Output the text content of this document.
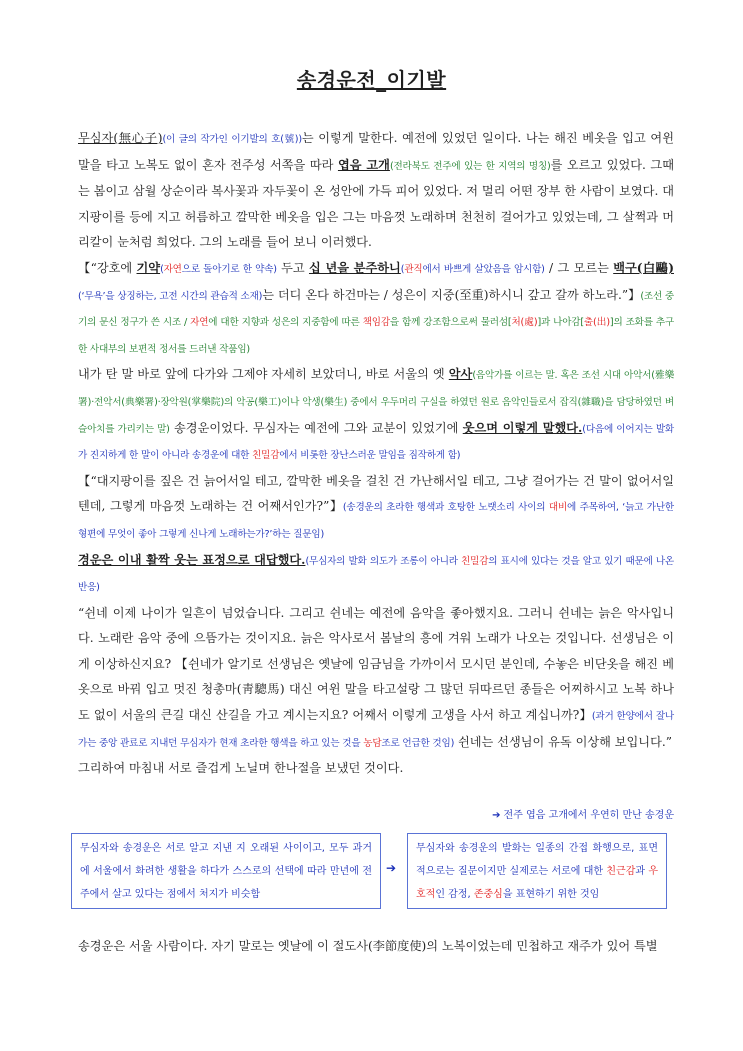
송경운전_이기발

무심자(無心子)(이 글의 작가인 이기발의 호(號))는 이렇게 말한다. 예전에 있었던 일이다. 나는 해진 베옷을 입고 여윈 말을 타고 노복도 없이 혼자 전주성 서쪽을 따라 엽음 고개(전라북도 전주에 있는 한 지역의 명칭)를 오르고 있었다. 그때는 봄이고 삼월 상순이라 복사꽃과 자두꽃이 온 성안에 가득 피어 있었다. 저 멀리 어떤 장부 한 사람이 보였다. 대지팡이를 등에 지고 허름하고 깔막한 베옷을 입은 그는 마음껏 노래하며 천천히 걸어가고 있었는데, 그 살쩍과 머리칼이 눈처럼 희었다. 그의 노래를 들어 보니 이러했다.

【“강호에 기약(자연으로 돌아기로 한 약속) 두고 십 년을 분주하니(관직에서 바쁘게 살았음을 암시함) / 그 모르는 백구(白鷗)(‘무욕’을 상징하는, 고전 시간의 관습적 소재)는 더디 온다 하건마는 / 성은이 지중(至重)하시니 갚고 갈까 하노라.”】(조선 중기의 문신 정구가 쓴 시조 / 자연에 대한 지향과 성은의 지중함에 따른 책임감을 함께 강조함으로써 물러섬[처(處)]과 나아감[출(出)]의 조화를 추구한 사대부의 보편적 정서를 드러낸 작품임)

내가 탄 말 바로 앞에 다가와 그제야 자세히 보았더니, 바로 서울의 옛 악사(음악가를 이르는 말. 혹은 조선 시대 아악서(雅樂署)·전악서(典樂署)·장악원(掌樂院)의 악공(樂工)이나 악생(樂生) 중에서 우두머리 구실을 하였던 원로 음악인들로서 잡직(雜職)을 담당하였던 벼슬아치를 가리키는 말) 송경운이었다. 무심자는 예전에 그와 교분이 있었기에 웃으며 이렇게 말했다.(다음에 이어지는 발화가 진지하게 한 말이 아니라 송경운에 대한 친밀감에서 비롯한 장난스러운 말임을 짐작하게 함)

【“대지팡이를 짚은 건 늙어서일 테고, 깔막한 베옷을 걸친 건 가난해서일 테고, 그냥 걸어가는 건 말이 없어서일 텐데, 그렇게 마음껏 노래하는 건 어째서인가?”】(송경운의 초라한 행색과 호탕한 노랫소리 사이의 대비에 주목하여, ‘늙고 가난한 형편에 무엇이 좋아 그렇게 신나게 노래하는가?’하는 질문임)

경운은 이내 활짝 웃는 표정으로 대답했다.(무심자의 발화 의도가 조롱이 아니라 친밀감의 표시에 있다는 것을 알고 있기 때문에 나온 반응)

“쉰네 이제 나이가 일흔이 넘었습니다. 그리고 쉰네는 예전에 음악을 좋아했지요. 그러니 쉰네는 늙은 악사입니다. 노래란 음악 중에 으뜸가는 것이지요. 늙은 악사로서 봄날의 흥에 겨워 노래가 나오는 것입니다. 선생님은 이게 이상하신지요? 【쉰네가 알기로 선생님은 옛날에 임금님을 가까이서 모시던 분인데, 수놓은 비단옷을 해진 베옷으로 바꿔 입고 멋진 청총마(靑驄馬) 대신 여윈 말을 타고설랑 그 많던 뒤따르던 종들은 어찌하시고 노복 하나도 없이 서울의 큰길 대신 산길을 가고 계시는지요? 어째서 이렇게 고생을 사서 하고 계십니까?】(과거 한양에서 잘나가는 중앙 관료로 지내던 무심자가 현재 초라한 행색을 하고 있는 것을 농담조로 언급한 것임) 쉰네는 선생님이 유독 이상해 보입니다.”

그리하여 마침내 서로 즐겁게 노닐며 한나절을 보냈던 것이다.

➔ 전주 엽음 고개에서 우연히 만난 송경운
무심자와 송경운은 서로 알고 지낸 지 오래된 사이이고, 모두 과거에 서울에서 화려한 생활을 하다가 스스로의 선택에 따라 만년에 전주에서 살고 있다는 점에서 처지가 비슷함
➔
무심자와 송경운의 발화는 일종의 간접 화행으로, 표면적으로는 질문이지만 실제로는 서로에 대한 친근감과 우호적인 감정, 존중심을 표현하기 위한 것임
송경운은 서울 사람이다. 자기 말로는 옛날에 이 절도사(李節度使)의 노복이었는데 민첩하고 재주가 있어 특별
